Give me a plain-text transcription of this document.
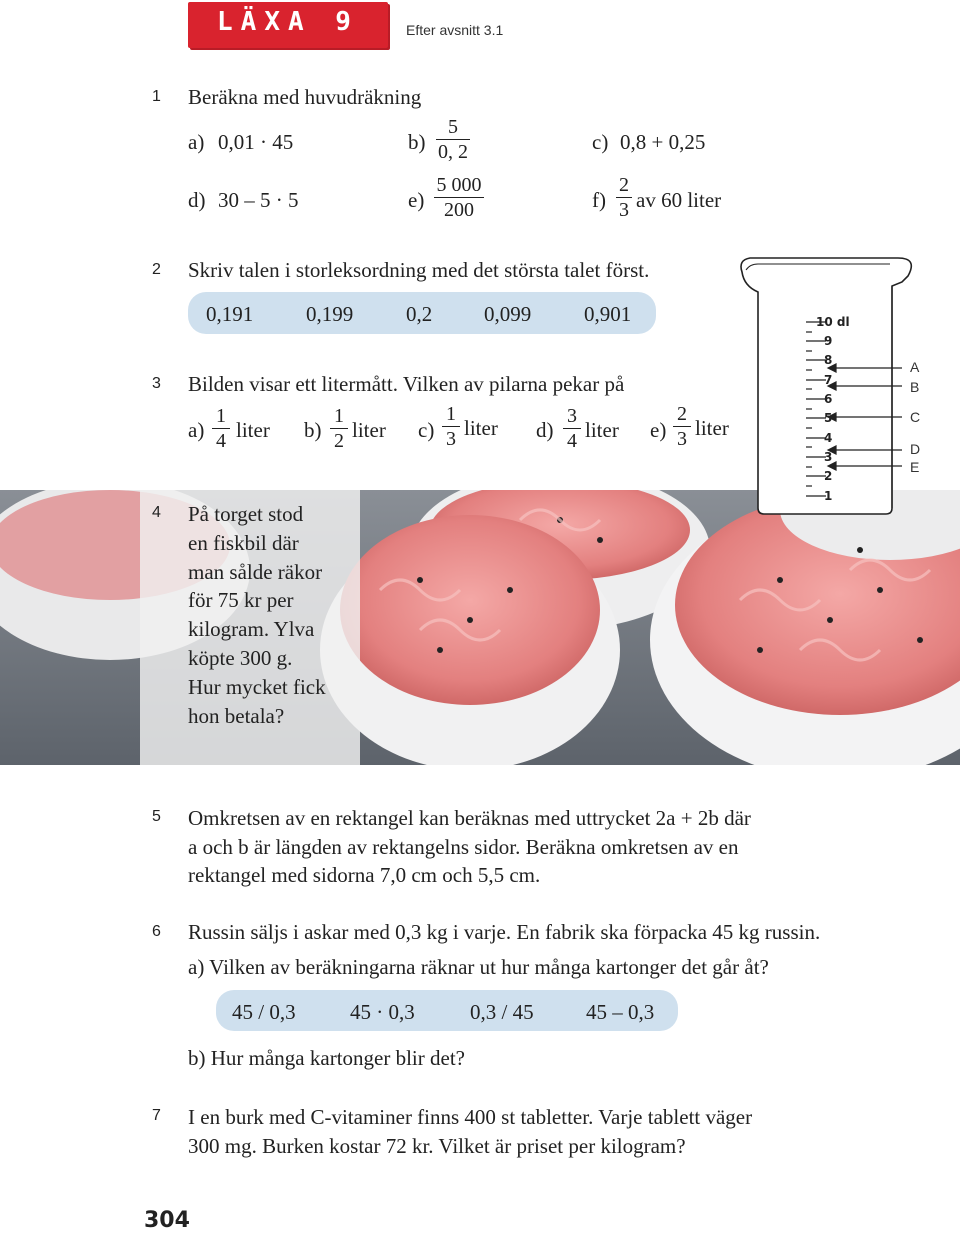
LÄXA 9	Efter avsnitt 3.1
1 Beräkna med huvudräkning
a) 0,01 · 45	$b) \frac{5}{0, 2}$	c) 0,8 + 0,25
d) 30 – 5 · 5	$e) \frac{5 000}{200}$	$f) \frac{2}{3}$ av 60 liter
2 Skriv talen i storleksordning med det största talet först.
0,191	0,199	0,2 0,099	0,901
3 Bilden visar ett litermått. Vilken av pilarna pekar på
$a) \frac{1}{4}$ liter $b) \frac{1}{2}$ liter $c) \frac{1}{3}$ liter $d) \frac{3}{4}$ liter $e) \frac{2}{3}$ liter
4 På torget stod
en fiskbil där
man sålde räkor
för 75 kr per
kilogram. Ylva
köpte 300 g.
Hur mycket fick
hon betala?
10 dl
9
8
7
6
5
4
3
2
1
A
B
C
D
E
5 Omkretsen av en rektangel kan beräknas med uttrycket 2a + 2b där
a och b är längden av rektangelns sidor. Beräkna omkretsen av en
rektangel med sidorna 7,0 cm och 5,5 cm.
6 Russin säljs i askar med 0,3 kg i varje. En fabrik ska förpacka 45 kg russin.
a) Vilken av beräkningarna räknar ut hur många kartonger det går åt?
45 / 0,3	45 · 0,3	0,3 / 45 45 – 0,3
b) Hur många kartonger blir det?
7 I en burk med C-vitaminer finns 400 st tabletter. Varje tablett väger
300 mg. Burken kostar 72 kr. Vilket är priset per kilogram?
304
